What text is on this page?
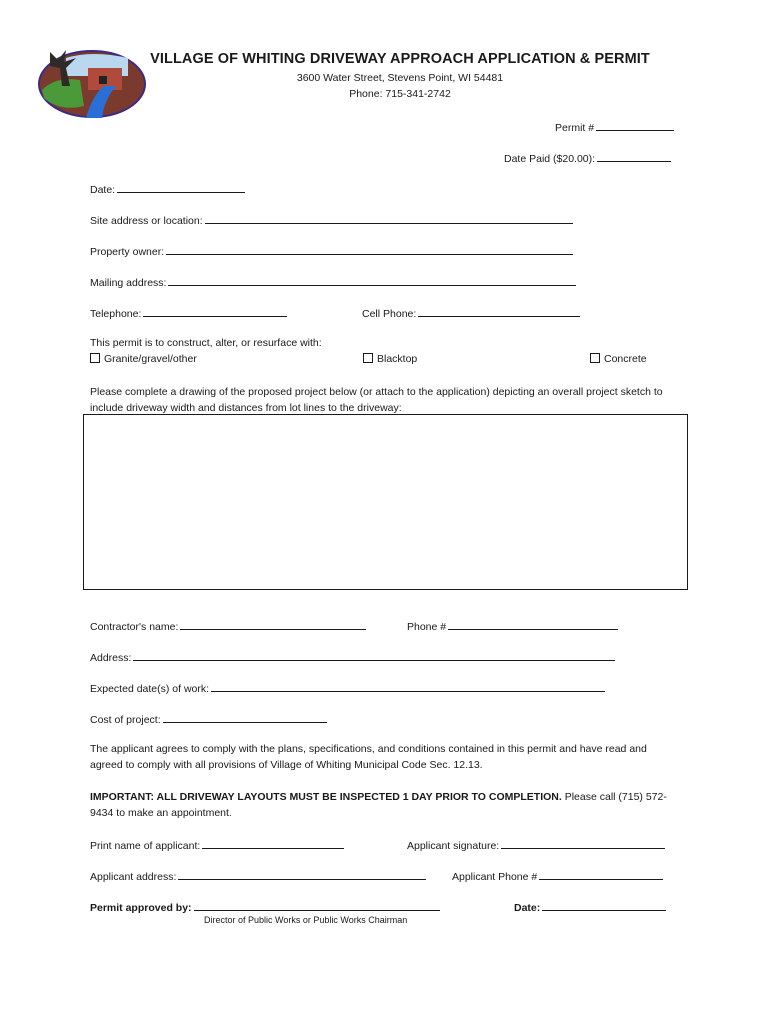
VILLAGE OF WHITING DRIVEWAY APPROACH APPLICATION & PERMIT
3600 Water Street, Stevens Point, WI 54481
Phone: 715-341-2742
Permit #
Date Paid ($20.00):
Date:
Site address or location:
Property owner:
Mailing address:
Telephone:	Cell Phone:
This permit is to construct, alter, or resurface with:
Granite/gravel/other	Blacktop	Concrete
Please complete a drawing of the proposed project below (or attach to the application) depicting an overall project sketch to include driveway width and distances from lot lines to the driveway:
Contractor's name:	Phone #
Address:
Expected date(s) of work:
Cost of project:
The applicant agrees to comply with the plans, specifications, and conditions contained in this permit and have read and agreed to comply with all provisions of Village of Whiting Municipal Code Sec. 12.13.
IMPORTANT: ALL DRIVEWAY LAYOUTS MUST BE INSPECTED 1 DAY PRIOR TO COMPLETION. Please call (715) 572-9434 to make an appointment.
Print name of applicant:	Applicant signature:
Applicant address:	Applicant Phone #
Permit approved by:
Director of Public Works or Public Works Chairman
Date:
